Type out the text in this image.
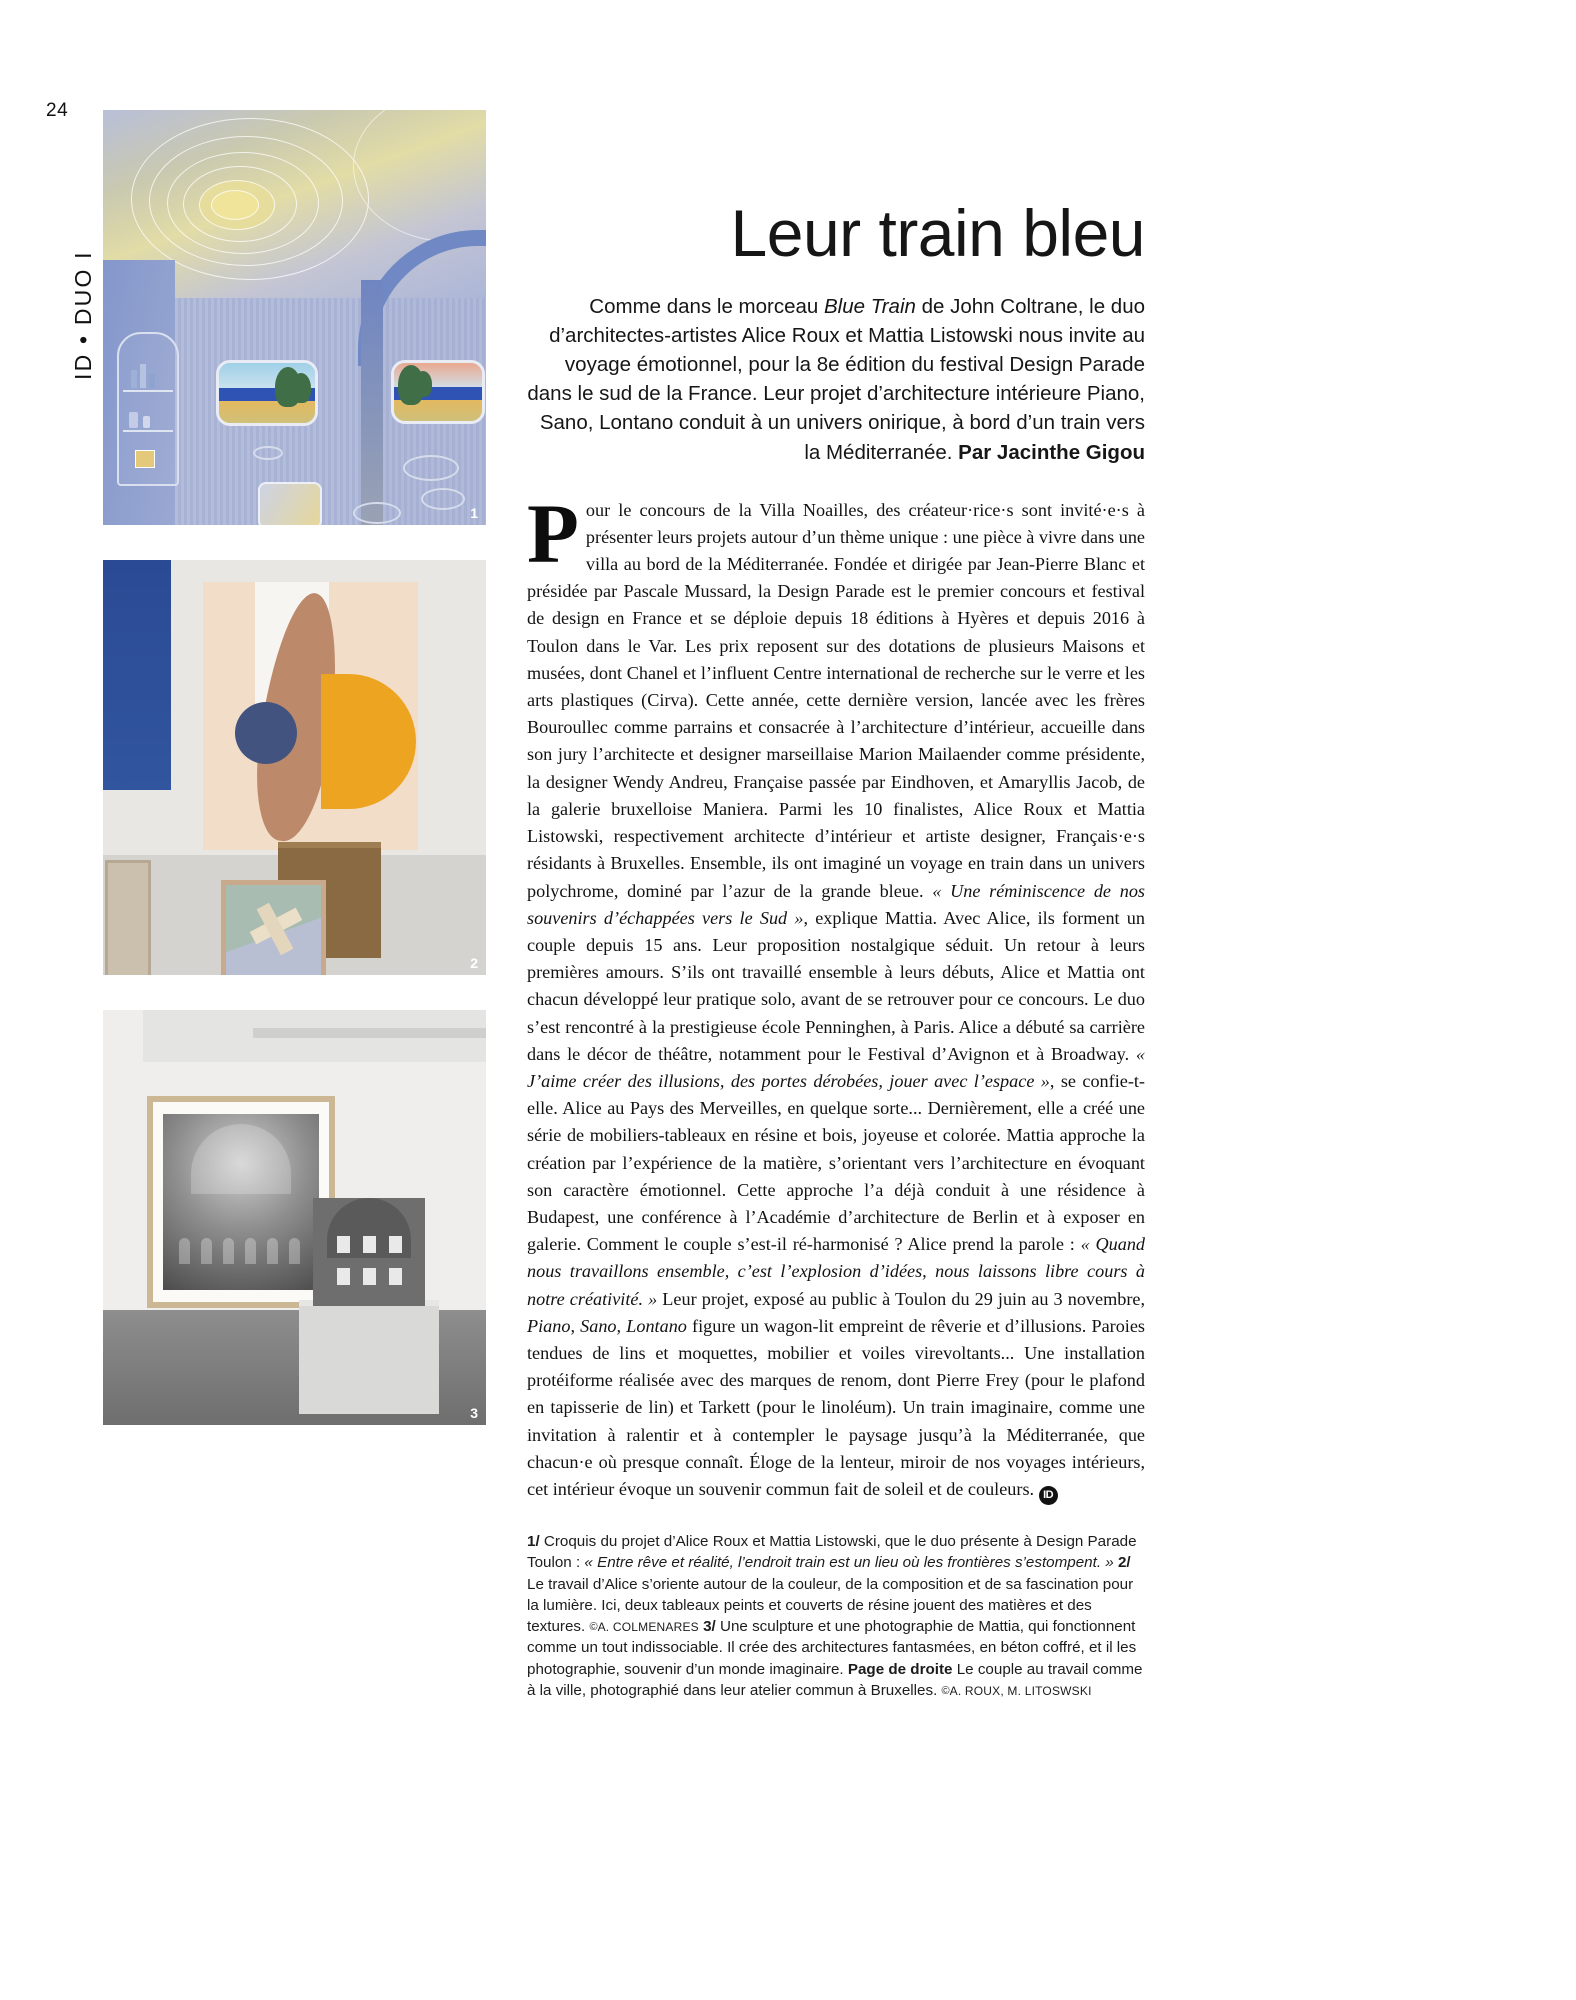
24
ID • DUO I
1
2
3
Leur train bleu

Comme dans le morceau Blue Train de John Coltrane, le duo d’architectes-artistes Alice Roux et Mattia Listowski nous invite au voyage émotionnel, pour la 8e édition du festival Design Parade dans le sud de la France. Leur projet d’architecture intérieure Piano, Sano, Lontano conduit à un univers onirique, à bord d’un train vers la Méditerranée. Par Jacinthe Gigou

Pour le concours de la Villa Noailles, des créateur·rice·s sont invité·e·s à présenter leurs projets autour d’un thème unique : une pièce à vivre dans une villa au bord de la Méditerranée. Fondée et dirigée par Jean-Pierre Blanc et présidée par Pascale Mussard, la Design Parade est le premier concours et festival de design en France et se déploie depuis 18 éditions à Hyères et depuis 2016 à Toulon dans le Var. Les prix reposent sur des dotations de plusieurs Maisons et musées, dont Chanel et l’influent Centre international de recherche sur le verre et les arts plastiques (Cirva). Cette année, cette dernière version, lancée avec les frères Bouroullec comme parrains et consacrée à l’architecture d’intérieur, accueille dans son jury l’architecte et designer marseillaise Marion Mailaender comme présidente, la designer Wendy Andreu, Française passée par Eindhoven, et Amaryllis Jacob, de la galerie bruxelloise Maniera. Parmi les 10 finalistes, Alice Roux et Mattia Listowski, respectivement architecte d’intérieur et artiste designer, Français·e·s résidants à Bruxelles. Ensemble, ils ont imaginé un voyage en train dans un univers polychrome, dominé par l’azur de la grande bleue. « Une réminiscence de nos souvenirs d’échappées vers le Sud », explique Mattia. Avec Alice, ils forment un couple depuis 15 ans. Leur proposition nostalgique séduit. Un retour à leurs premières amours. S’ils ont travaillé ensemble à leurs débuts, Alice et Mattia ont chacun développé leur pratique solo, avant de se retrouver pour ce concours. Le duo s’est rencontré à la prestigieuse école Penninghen, à Paris. Alice a débuté sa carrière dans le décor de théâtre, notamment pour le Festival d’Avignon et à Broadway. « J’aime créer des illusions, des portes dérobées, jouer avec l’espace », se confie-t-elle. Alice au Pays des Merveilles, en quelque sorte... Dernièrement, elle a créé une série de mobiliers-tableaux en résine et bois, joyeuse et colorée. Mattia approche la création par l’expérience de la matière, s’orientant vers l’architecture en évoquant son caractère émotionnel. Cette approche l’a déjà conduit à une résidence à Budapest, une conférence à l’Académie d’architecture de Berlin et à exposer en galerie. Comment le couple s’est-il ré-harmonisé ? Alice prend la parole : « Quand nous travaillons ensemble, c’est l’explosion d’idées, nous laissons libre cours à notre créativité. » Leur projet, exposé au public à Toulon du 29 juin au 3 novembre, Piano, Sano, Lontano figure un wagon-lit empreint de rêverie et d’illusions. Paroies tendues de lins et moquettes, mobilier et voiles virevoltants... Une installation protéiforme réalisée avec des marques de renom, dont Pierre Frey (pour le plafond en tapisserie de lin) et Tarkett (pour le linoléum). Un train imaginaire, comme une invitation à ralentir et à contempler le paysage jusqu’à la Méditerranée, que chacun·e où presque connaît. Éloge de la lenteur, miroir de nos voyages intérieurs, cet intérieur évoque un souvenir commun fait de soleil et de couleurs. ID

1/ Croquis du projet d’Alice Roux et Mattia Listowski, que le duo présente à Design Parade Toulon : « Entre rêve et réalité, l’endroit train est un lieu où les frontières s’estompent. » 2/ Le travail d’Alice s’oriente autour de la couleur, de la composition et de sa fascination pour la lumière. Ici, deux tableaux peints et couverts de résine jouent des matières et des textures. ©A. COLMENARES 3/ Une sculpture et une photographie de Mattia, qui fonctionnent comme un tout indissociable. Il crée des architectures fantasmées, en béton coffré, et il les photographie, souvenir d’un monde imaginaire. Page de droite Le couple au travail comme à la ville, photographié dans leur atelier commun à Bruxelles. ©A. ROUX, M. LITOSWSKI
